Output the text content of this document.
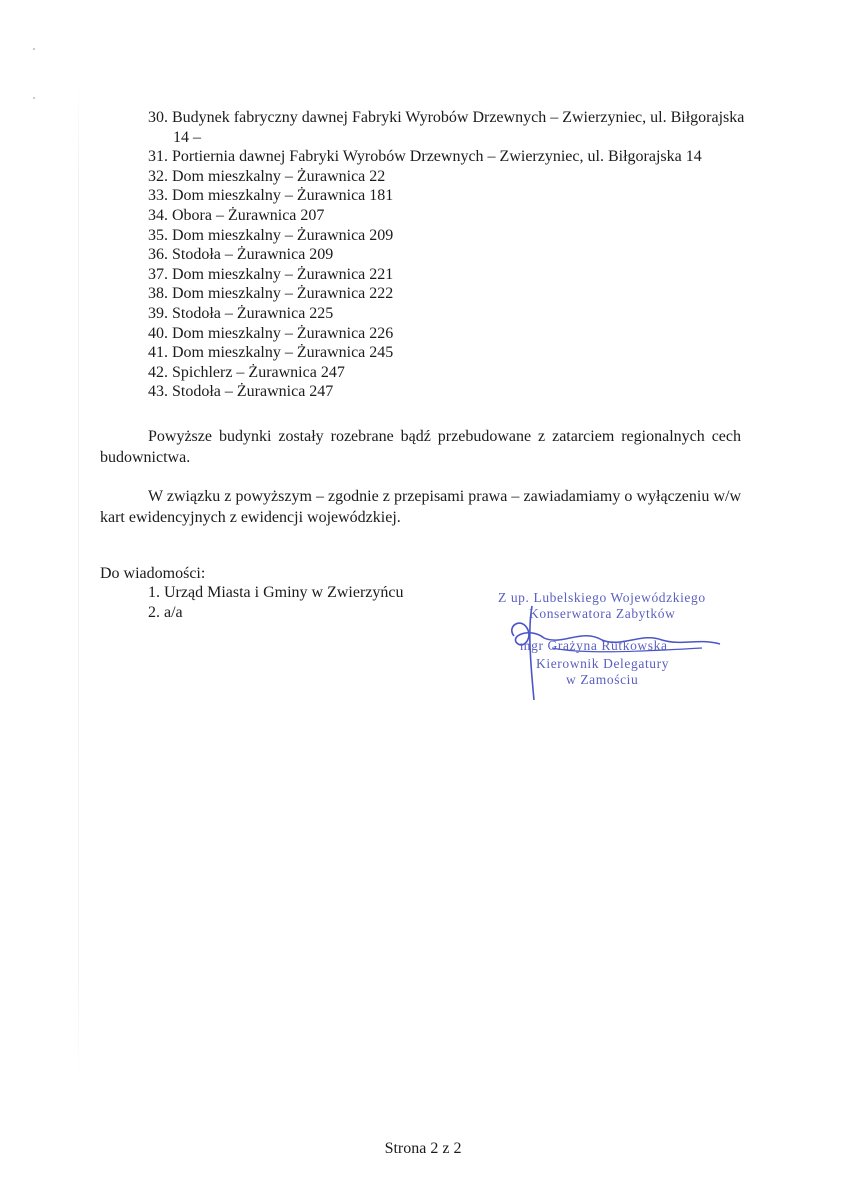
30. Budynek fabryczny dawnej Fabryki Wyrobów Drzewnych – Zwierzyniec, ul. Biłgorajska 14 –
31. Portiernia dawnej Fabryki Wyrobów Drzewnych – Zwierzyniec, ul. Biłgorajska 14
32. Dom mieszkalny – Żurawnica 22
33. Dom mieszkalny – Żurawnica 181
34. Obora – Żurawnica 207
35. Dom mieszkalny – Żurawnica 209
36. Stodoła – Żurawnica 209
37. Dom mieszkalny – Żurawnica 221
38. Dom mieszkalny – Żurawnica 222
39. Stodoła – Żurawnica 225
40. Dom mieszkalny – Żurawnica 226
41. Dom mieszkalny – Żurawnica 245
42. Spichlerz – Żurawnica 247
43. Stodoła – Żurawnica 247

Powyższe budynki zostały rozebrane bądź przebudowane z zatarciem regionalnych cech budownictwa.

W związku z powyższym – zgodnie z przepisami prawa – zawiadamiamy o wyłączeniu w/w kart ewidencyjnych z ewidencji wojewódzkiej.

Do wiadomości:

1. Urząd Miasta i Gminy w Zwierzyńcu
2. a/a
Z up. Lubelskiego Wojewódzkiego
Konserwatora Zabytków
mgr Grażyna Rutkowska
Kierownik Delegatury
w Zamościu
Strona 2 z 2
